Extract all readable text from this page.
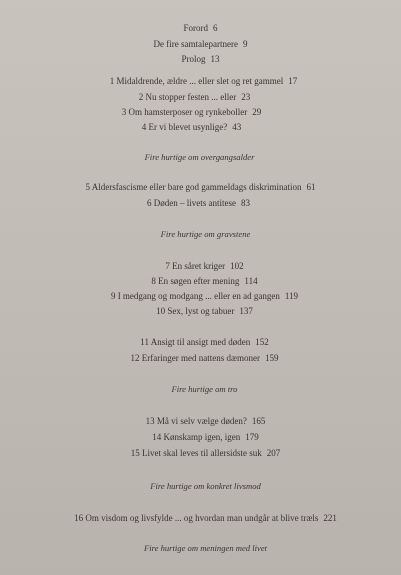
Forord 6
De fire samtalepartnere 9
Prolog 13
1 Midaldrende, ældre ... eller slet og ret gammel 17
2 Nu stopper festen ... eller 23
3 Om hamsterposer og rynkeboller 29
4 Er vi blevet usynlige? 43
Fire hurtige om overgangsalder
5 Aldersfascisme eller bare god gammeldags diskrimination 61
6 Døden – livets antitese 83
Fire hurtige om gravstene
7 En såret kriger 102
8 En søgen efter mening 114
9 I medgang og modgang ... eller en ad gangen 119
10 Sex, lyst og tabuer 137
11 Ansigt til ansigt med døden 152
12 Erfaringer med nattens dæmoner 159
Fire hurtige om tro
13 Må vi selv vælge døden? 165
14 Kønskamp igen, igen 179
15 Livet skal leves til allersidste suk 207
Fire hurtige om konkret livsmod
16 Om visdom og livsfylde ... og hvordan man undgår at blive træls 221
Fire hurtige om meningen med livet
